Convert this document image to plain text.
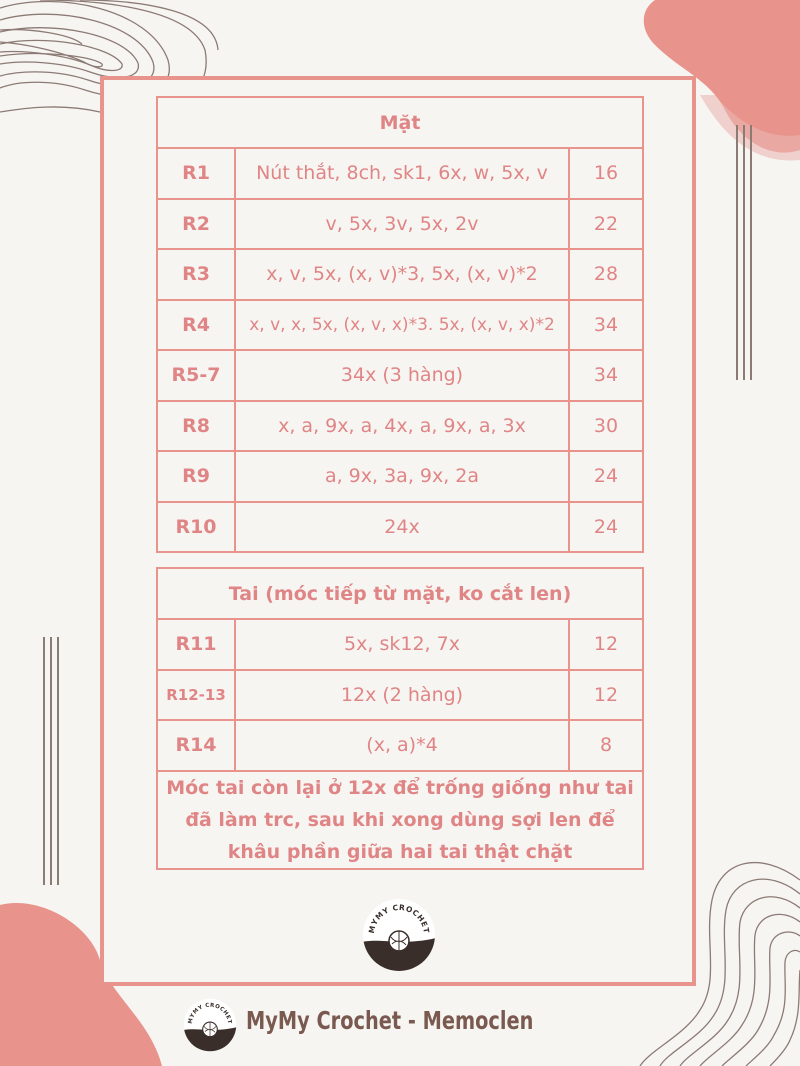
Mặt		
R1	Nút thắt, 8ch, sk1, 6x, w, 5x, v	16
R2	v, 5x, 3v, 5x, 2v	22
R3	x, v, 5x, (x, v)*3, 5x, (x, v)*2	28
R4	x, v, x, 5x, (x, v, x)*3. 5x, (x, v, x)*2	34
R5-7	34x (3 hàng)	34
R8	x, a, 9x, a, 4x, a, 9x, a, 3x	30
R9	a, 9x, 3a, 9x, 2a	24
R10	24x	24
Tai (móc tiếp từ mặt, ko cắt len)		
R11	5x, sk12, 7x	12
R12-13	12x (2 hàng)	12
R14	(x, a)*4	8
Móc tai còn lại ở 12x để trống giống như tai đã làm trc, sau khi xong dùng sợi len để khâu phần giữa hai tai thật chặt		
MYMY CROCHET
MYMY CROCHET MyMy Crochet - Memoclen
